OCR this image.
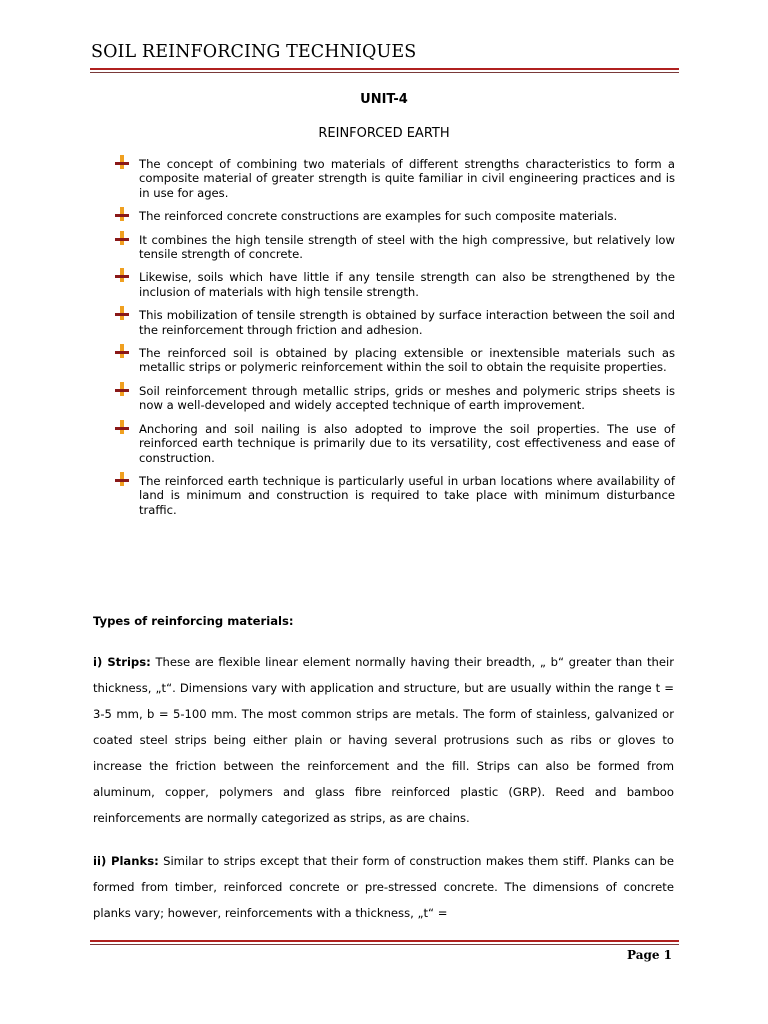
SOIL REINFORCING TECHNIQUES
UNIT-4
REINFORCED EARTH
The concept of combining two materials of different strengths characteristics to form a composite material of greater strength is quite familiar in civil engineering practices and is in use for ages.
The reinforced concrete constructions are examples for such composite materials.
It combines the high tensile strength of steel with the high compressive, but relatively low tensile strength of concrete.
Likewise, soils which have little if any tensile strength can also be strengthened by the inclusion of materials with high tensile strength.
This mobilization of tensile strength is obtained by surface interaction between the soil and the reinforcement through friction and adhesion.
The reinforced soil is obtained by placing extensible or inextensible materials such as metallic strips or polymeric reinforcement within the soil to obtain the requisite properties.
Soil reinforcement through metallic strips, grids or meshes and polymeric strips sheets is now a well-developed and widely accepted technique of earth improvement.
Anchoring and soil nailing is also adopted to improve the soil properties. The use of reinforced earth technique is primarily due to its versatility, cost effectiveness and ease of construction.
The reinforced earth technique is particularly useful in urban locations where availability of land is minimum and construction is required to take place with minimum disturbance traffic.
Types of reinforcing materials:

i) Strips: These are flexible linear element normally having their breadth, „ b“ greater than their thickness, „t“. Dimensions vary with application and structure, but are usually within the range t = 3-5 mm, b = 5-100 mm. The most common strips are metals. The form of stainless, galvanized or coated steel strips being either plain or having several protrusions such as ribs or gloves to increase the friction between the reinforcement and the fill. Strips can also be formed from aluminum, copper, polymers and glass fibre reinforced plastic (GRP). Reed and bamboo reinforcements are normally categorized as strips, as are chains.

ii) Planks: Similar to strips except that their form of construction makes them stiff. Planks can be formed from timber, reinforced concrete or pre-stressed concrete. The dimensions of concrete planks vary; however, reinforcements with a thickness, „t“ =

Page 1
